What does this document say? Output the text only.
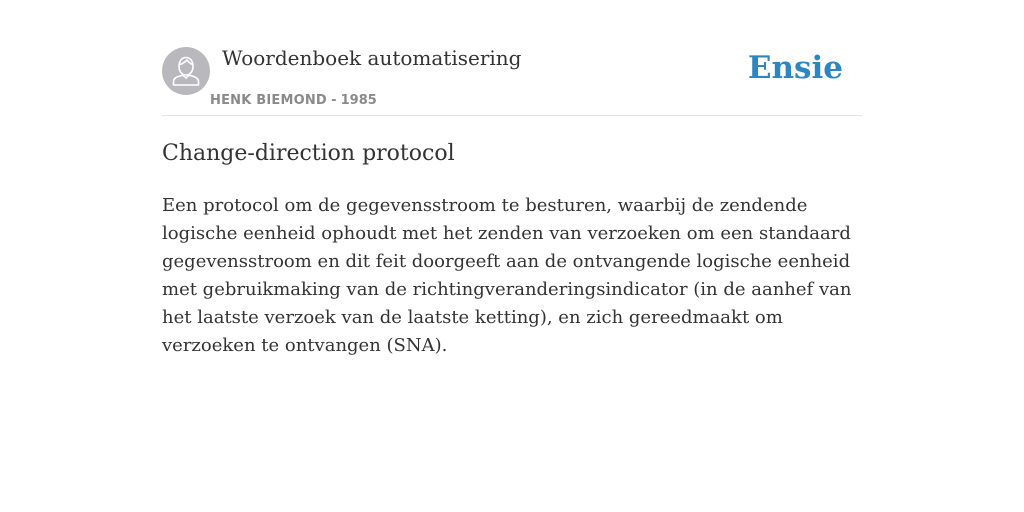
Woordenboek automatisering
HENK BIEMOND - 1985
Ensie
Change-direction protocol

Een protocol om de gegevensstroom te besturen, waarbij de zendende logische eenheid ophoudt met het zenden van verzoeken om een standaard gegevensstroom en dit feit doorgeeft aan de ontvangende logische eenheid met gebruikmaking van de richtingveranderingsindicator (in de aanhef van het laatste verzoek van de laatste ketting), en zich gereedmaakt om verzoeken te ontvangen (SNA).
